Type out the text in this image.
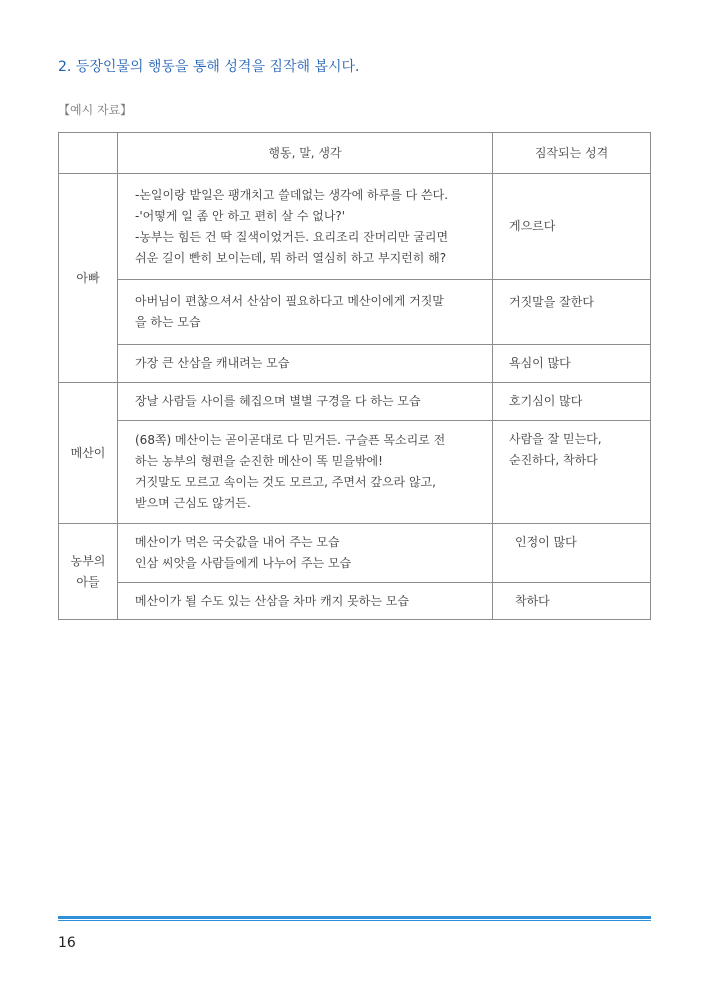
2. 등장인물의 행동을 통해 성격을 짐작해 봅시다.
【예시 자료】
	행동, 말, 생각	짐작되는 성격
아빠	-논일이랑 밭일은 팽개치고 쓸데없는 생각에 하루를 다 쓴다.
-'어떻게 일 좀 안 하고 편히 살 수 없나?'
-농부는 힘든 건 딱 질색이었거든. 요리조리 잔머리만 굴리면
쉬운 길이 빤히 보이는데, 뭐 하러 열심히 하고 부지런히 해?	게으르다

	아버님이 편찮으셔서 산삼이 필요하다고 메산이에게 거짓말
을 하는 모습	거짓말을 잘한다

	가장 큰 산삼을 캐내려는 모습	욕심이 많다

메산이	장날 사람들 사이를 헤집으며 별별 구경을 다 하는 모습	호기심이 많다

	(68쪽) 메산이는 곧이곧대로 다 믿거든. 구슬픈 목소리로 전
하는 농부의 형편을 순진한 메산이 똑 믿을밖에!
거짓말도 모르고 속이는 것도 모르고, 주면서 갚으라 않고,
받으며 근심도 않거든.	사람을 잘 믿는다,
순진하다, 착하다

농부의
아들	메산이가 먹은 국숫값을 내어 주는 모습
인삼 씨앗을 사람들에게 나누어 주는 모습	인정이 많다

	메산이가 될 수도 있는 산삼을 차마 캐지 못하는 모습	착하다
16
